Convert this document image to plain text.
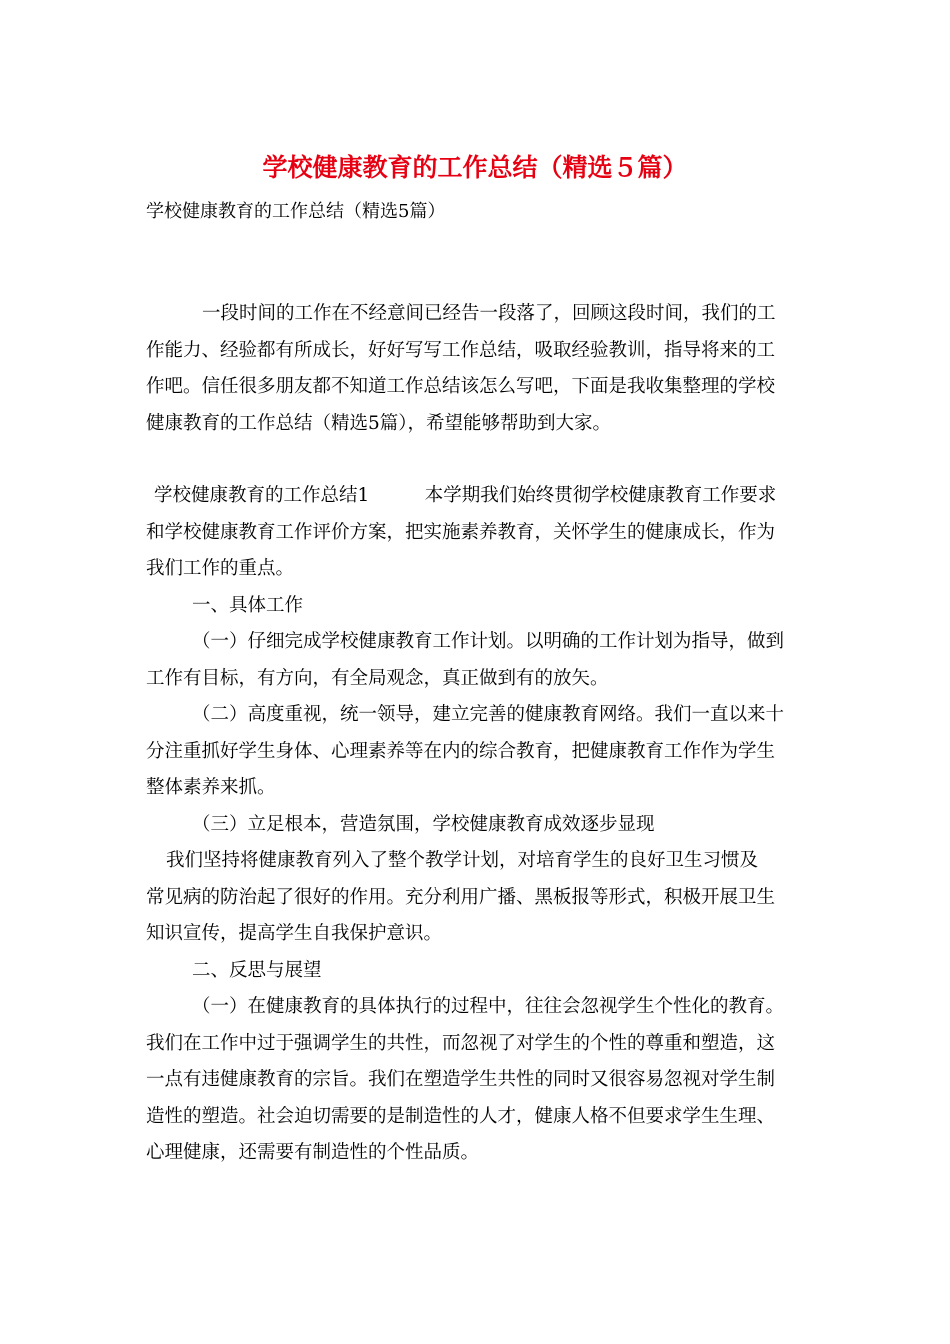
学校健康教育的工作总结（精选５篇）
学校健康教育的工作总结（精选5篇）
一段时间的工作在不经意间已经告一段落了，回顾这段时间，我们的工
作能力、经验都有所成长，好好写写工作总结，吸取经验教训，指导将来的工
作吧。信任很多朋友都不知道工作总结该怎么写吧，下面是我收集整理的学校
健康教育的工作总结（精选5篇），希望能够帮助到大家。
学校健康教育的工作总结1　　　本学期我们始终贯彻学校健康教育工作要求
和学校健康教育工作评价方案，把实施素养教育，关怀学生的健康成长，作为
我们工作的重点。
一、具体工作
（一）仔细完成学校健康教育工作计划。以明确的工作计划为指导，做到
工作有目标，有方向，有全局观念，真正做到有的放矢。
（二）高度重视，统一领导，建立完善的健康教育网络。我们一直以来十
分注重抓好学生身体、心理素养等在内的综合教育，把健康教育工作作为学生
整体素养来抓。
（三）立足根本，营造氛围，学校健康教育成效逐步显现
我们坚持将健康教育列入了整个教学计划，对培育学生的良好卫生习惯及
常见病的防治起了很好的作用。充分利用广播、黑板报等形式，积极开展卫生
知识宣传，提高学生自我保护意识。
二、反思与展望
（一）在健康教育的具体执行的过程中，往往会忽视学生个性化的教育。
我们在工作中过于强调学生的共性，而忽视了对学生的个性的尊重和塑造，这
一点有违健康教育的宗旨。我们在塑造学生共性的同时又很容易忽视对学生制
造性的塑造。社会迫切需要的是制造性的人才，健康人格不但要求学生生理、
心理健康，还需要有制造性的个性品质。
